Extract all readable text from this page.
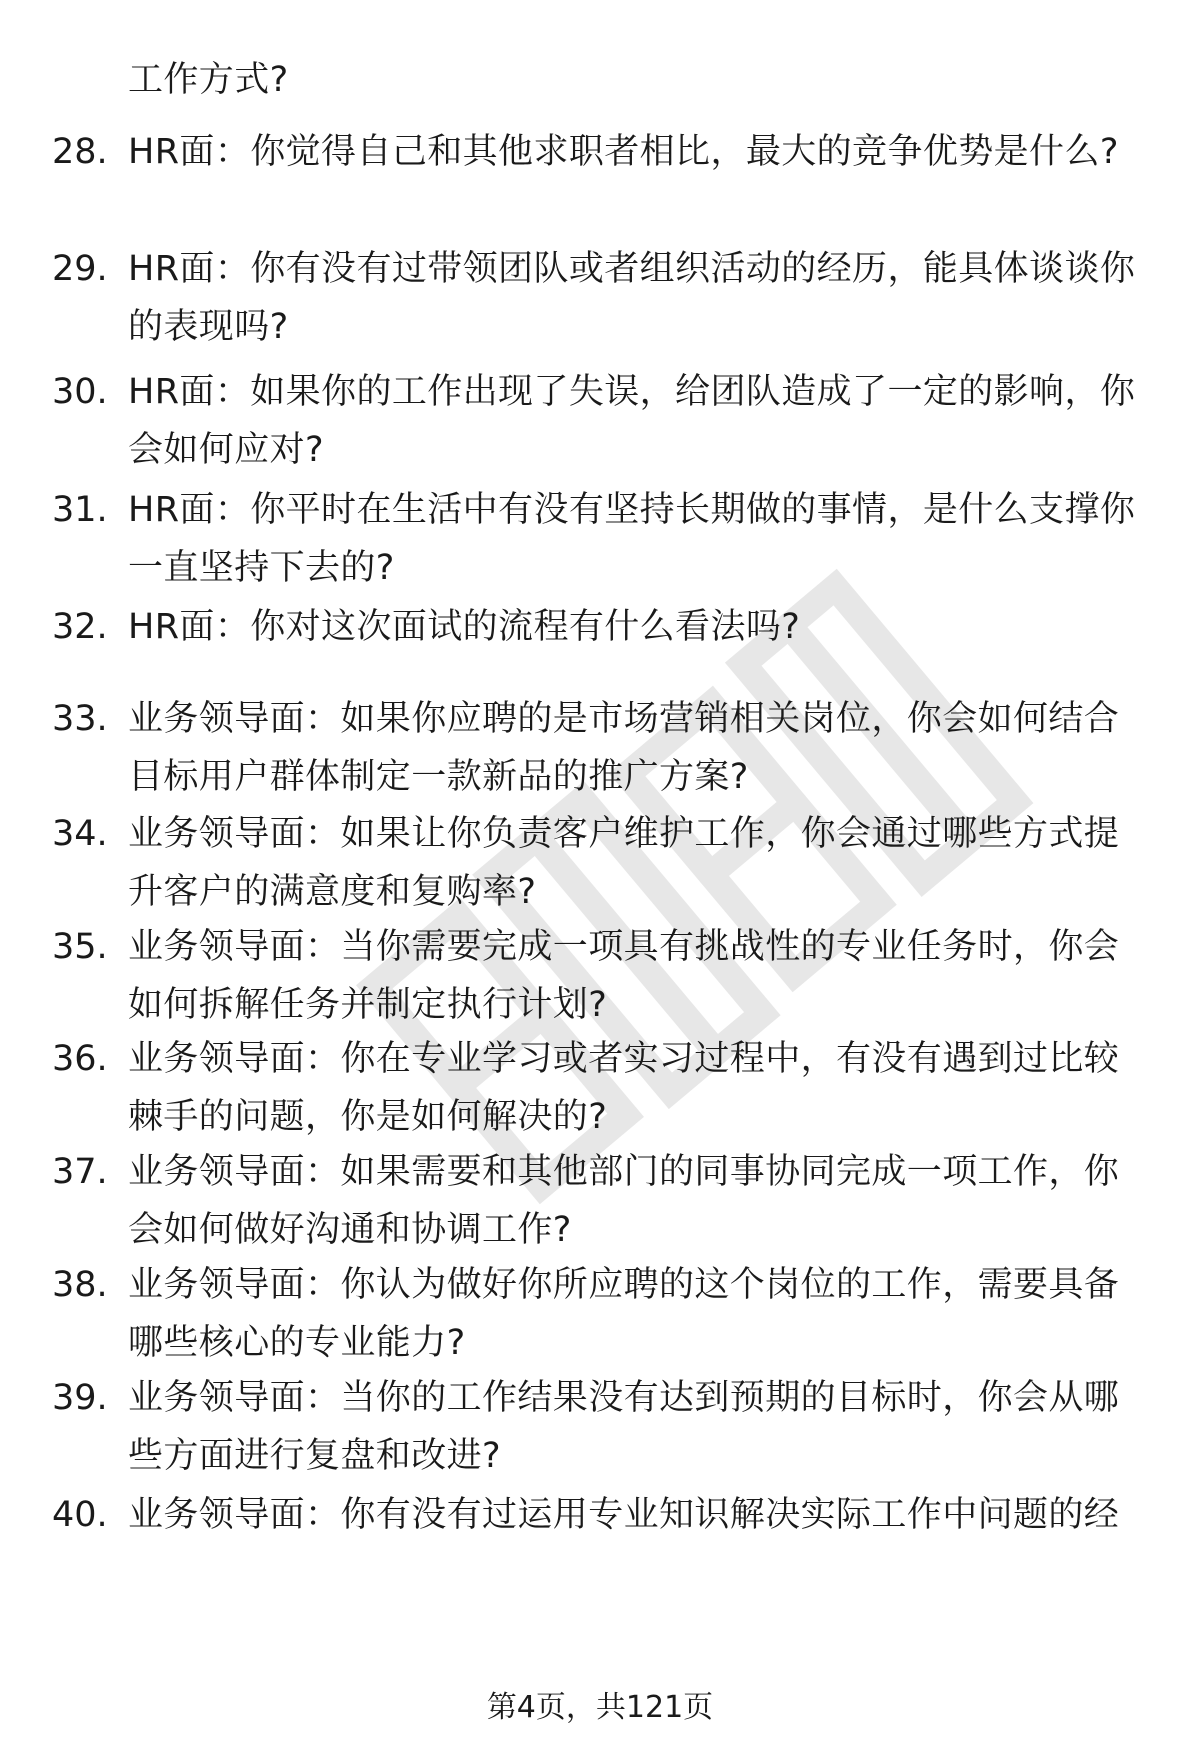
工作方式?
28. HR面：你觉得自己和其他求职者相比，最大的竞争优势是什么?
29. HR面：你有没有过带领团队或者组织活动的经历，能具体谈谈你
的表现吗?
30. HR面：如果你的工作出现了失误，给团队造成了一定的影响，你
会如何应对?
31. HR面：你平时在生活中有没有坚持长期做的事情，是什么支撑你
一直坚持下去的?
32. HR面：你对这次面试的流程有什么看法吗?
33. 业务领导面：如果你应聘的是市场营销相关岗位，你会如何结合
目标用户群体制定一款新品的推广方案?
34. 业务领导面：如果让你负责客户维护工作，你会通过哪些方式提
升客户的满意度和复购率?
35. 业务领导面：当你需要完成一项具有挑战性的专业任务时，你会
如何拆解任务并制定执行计划?
36. 业务领导面：你在专业学习或者实习过程中，有没有遇到过比较
棘手的问题，你是如何解决的?
37. 业务领导面：如果需要和其他部门的同事协同完成一项工作，你
会如何做好沟通和协调工作?
38. 业务领导面：你认为做好你所应聘的这个岗位的工作，需要具备
哪些核心的专业能力?
39. 业务领导面：当你的工作结果没有达到预期的目标时，你会从哪
些方面进行复盘和改进?
40. 业务领导面：你有没有过运用专业知识解决实际工作中问题的经
第4页，共121页
